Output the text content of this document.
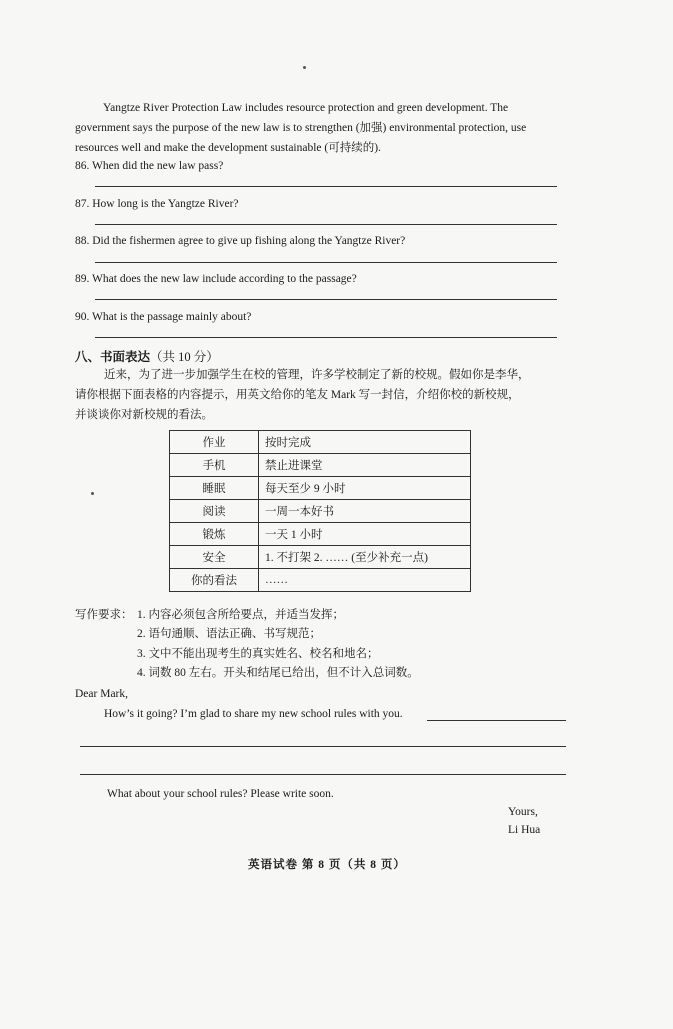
Yangtze River Protection Law includes resource protection and green development. The
government says the purpose of the new law is to strengthen (加强) environmental protection, use
resources well and make the development sustainable (可持续的).
86. When did the new law pass?
87. How long is the Yangtze River?
88. Did the fishermen agree to give up fishing along the Yangtze River?
89. What does the new law include according to the passage?
90. What is the passage mainly about?
八、书面表达（共 10 分）
近来，为了进一步加强学生在校的管理，许多学校制定了新的校规。假如你是李华，
请你根据下面表格的内容提示，用英文给你的笔友 Mark 写一封信，介绍你校的新校规，
并谈谈你对新校规的看法。
作业	按时完成
手机	禁止进课堂
睡眠	每天至少 9 小时
阅读	一周一本好书
锻炼	一天 1 小时
安全	1. 不打架 2. …… (至少补充一点)
你的看法	……
写作要求： 1. 内容必须包含所给要点，并适当发挥；
2. 语句通顺、语法正确、书写规范；
3. 文中不能出现考生的真实姓名、校名和地名；
4. 词数 80 左右。开头和结尾已给出，但不计入总词数。
Dear Mark,
How’s it going? I’m glad to share my new school rules with you.
What about your school rules? Please write soon.
Yours,
Li Hua
英语试卷 第 8 页（共 8 页）
